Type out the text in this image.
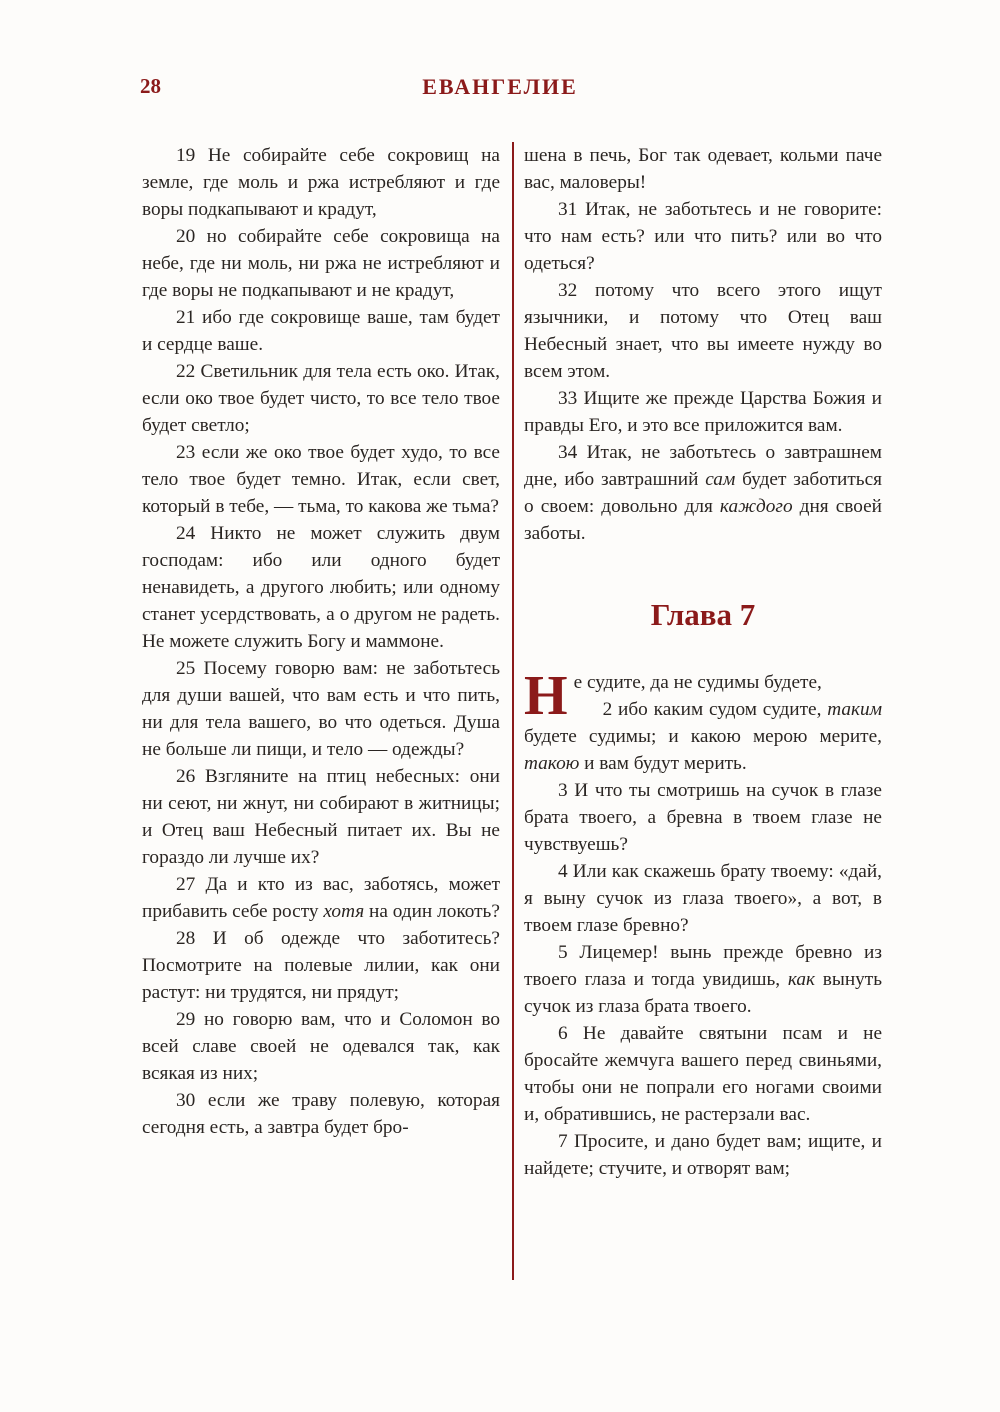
28	ЕВАНГЕЛИЕ

19 Не собирайте себе сокровищ на земле, где моль и ржа истребляют и где воры подкапывают и крадут,

20 но собирайте себе сокровища на небе, где ни моль, ни ржа не истребляют и где воры не подкапывают и не крадут,

21 ибо где сокровище ваше, там будет и сердце ваше.

22 Светильник для тела есть око. Итак, если око твое будет чисто, то все тело твое будет светло;

23 если же око твое будет худо, то все тело твое будет темно. Итак, если свет, который в тебе, — тьма, то какова же тьма?

24 Никто не может служить двум господам: ибо или одного будет ненавидеть, а другого любить; или одному станет усердствовать, а о другом не радеть. Не можете служить Богу и маммоне.

25 Посему говорю вам: не заботьтесь для души вашей, что вам есть и что пить, ни для тела вашего, во что одеться. Душа не больше ли пищи, и тело — одежды?

26 Взгляните на птиц небесных: они ни сеют, ни жнут, ни собирают в житницы; и Отец ваш Небесный питает их. Вы не гораздо ли лучше их?

27 Да и кто из вас, заботясь, может прибавить себе росту хотя на один локоть?

28 И об одежде что заботитесь? Посмотрите на полевые лилии, как они растут: ни трудятся, ни прядут;

29 но говорю вам, что и Соломон во всей славе своей не одевался так, как всякая из них;

30 если же траву полевую, которая сегодня есть, а завтра будет бро-

шена в печь, Бог так одевает, кольми паче вас, маловеры!

31 Итак, не заботьтесь и не говорите: что нам есть? или что пить? или во что одеться?

32 потому что всего этого ищут язычники, и потому что Отец ваш Небесный знает, что вы имеете нужду во всем этом.

33 Ищите же прежде Царства Божия и правды Его, и это все приложится вам.

34 Итак, не заботьтесь о завтрашнем дне, ибо завтрашний сам будет заботиться о своем: довольно для каждого дня своей заботы.

Глава 7

Не судите, да не судимы будете,
2 ибо каким судом судите, таким будете судимы; и какою мерою мерите, такою и вам будут мерить.

3 И что ты смотришь на сучок в глазе брата твоего, а бревна в твоем глазе не чувствуешь?

4 Или как скажешь брату твоему: «дай, я выну сучок из глаза твоего», а вот, в твоем глазе бревно?

5 Лицемер! вынь прежде бревно из твоего глаза и тогда увидишь, как вынуть сучок из глаза брата твоего.

6 Не давайте святыни псам и не бросайте жемчуга вашего перед свиньями, чтобы они не попрали его ногами своими и, обратившись, не растерзали вас.

7 Просите, и дано будет вам; ищите, и найдете; стучите, и отворят вам;
